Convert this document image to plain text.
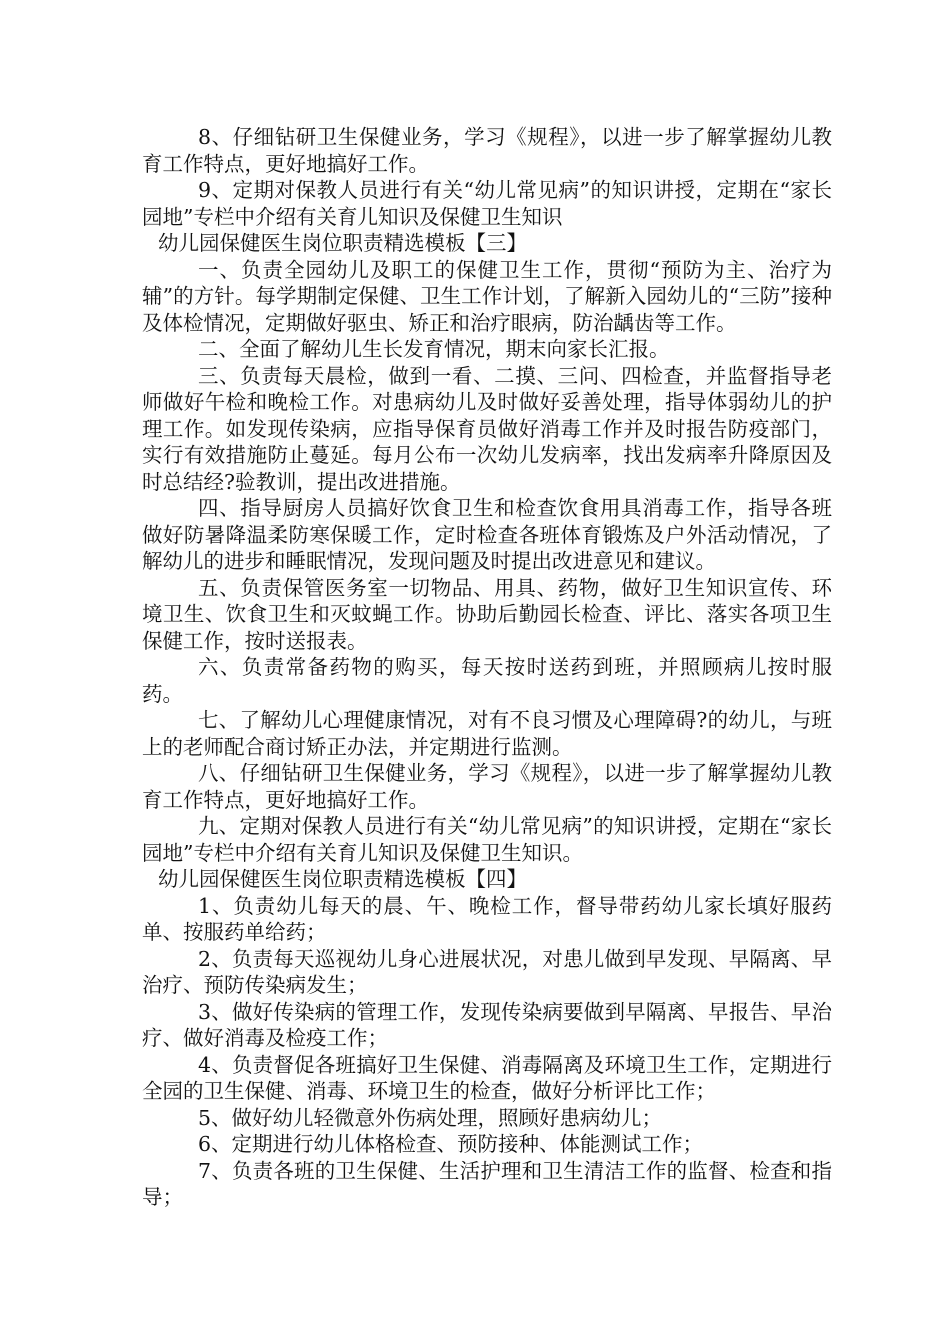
8、仔细钻研卫生保健业务，学习《规程》，以进一步了解掌握幼儿教育工作特点，更好地搞好工作。

9、定期对保教人员进行有关“幼儿常见病”的知识讲授，定期在“家长园地”专栏中介绍有关育儿知识及保健卫生知识

幼儿园保健医生岗位职责精选模板【三】

一、负责全园幼儿及职工的保健卫生工作，贯彻“预防为主、治疗为辅”的方针。每学期制定保健、卫生工作计划，了解新入园幼儿的“三防”接种及体检情况，定期做好驱虫、矫正和治疗眼病，防治龋齿等工作。

二、全面了解幼儿生长发育情况，期末向家长汇报。

三、负责每天晨检，做到一看、二摸、三问、四检查，并监督指导老师做好午检和晚检工作。对患病幼儿及时做好妥善处理，指导体弱幼儿的护理工作。如发现传染病，应指导保育员做好消毒工作并及时报告防疫部门，实行有效措施防止蔓延。每月公布一次幼儿发病率，找出发病率升降原因及时总结经?验教训，提出改进措施。

四、指导厨房人员搞好饮食卫生和检查饮食用具消毒工作，指导各班做好防暑降温柔防寒保暖工作，定时检查各班体育锻炼及户外活动情况，了解幼儿的进步和睡眠情况，发现问题及时提出改进意见和建议。

五、负责保管医务室一切物品、用具、药物，做好卫生知识宣传、环境卫生、饮食卫生和灭蚊蝇工作。协助后勤园长检查、评比、落实各项卫生保健工作，按时送报表。

六、负责常备药物的购买，每天按时送药到班，并照顾病儿按时服药。

七、了解幼儿心理健康情况，对有不良习惯及心理障碍?的幼儿，与班上的老师配合商讨矫正办法，并定期进行监测。

八、仔细钻研卫生保健业务，学习《规程》，以进一步了解掌握幼儿教育工作特点，更好地搞好工作。

九、定期对保教人员进行有关“幼儿常见病”的知识讲授，定期在“家长园地”专栏中介绍有关育儿知识及保健卫生知识。

幼儿园保健医生岗位职责精选模板【四】

1、负责幼儿每天的晨、午、晚检工作，督导带药幼儿家长填好服药单、按服药单给药；

2、负责每天巡视幼儿身心进展状况，对患儿做到早发现、早隔离、早治疗、预防传染病发生；

3、做好传染病的管理工作，发现传染病要做到早隔离、早报告、早治疗、做好消毒及检疫工作；

4、负责督促各班搞好卫生保健、消毒隔离及环境卫生工作，定期进行全园的卫生保健、消毒、环境卫生的检查，做好分析评比工作；

5、做好幼儿轻微意外伤病处理，照顾好患病幼儿；

6、定期进行幼儿体格检查、预防接种、体能测试工作；

7、负责各班的卫生保健、生活护理和卫生清洁工作的监督、检查和指导；
